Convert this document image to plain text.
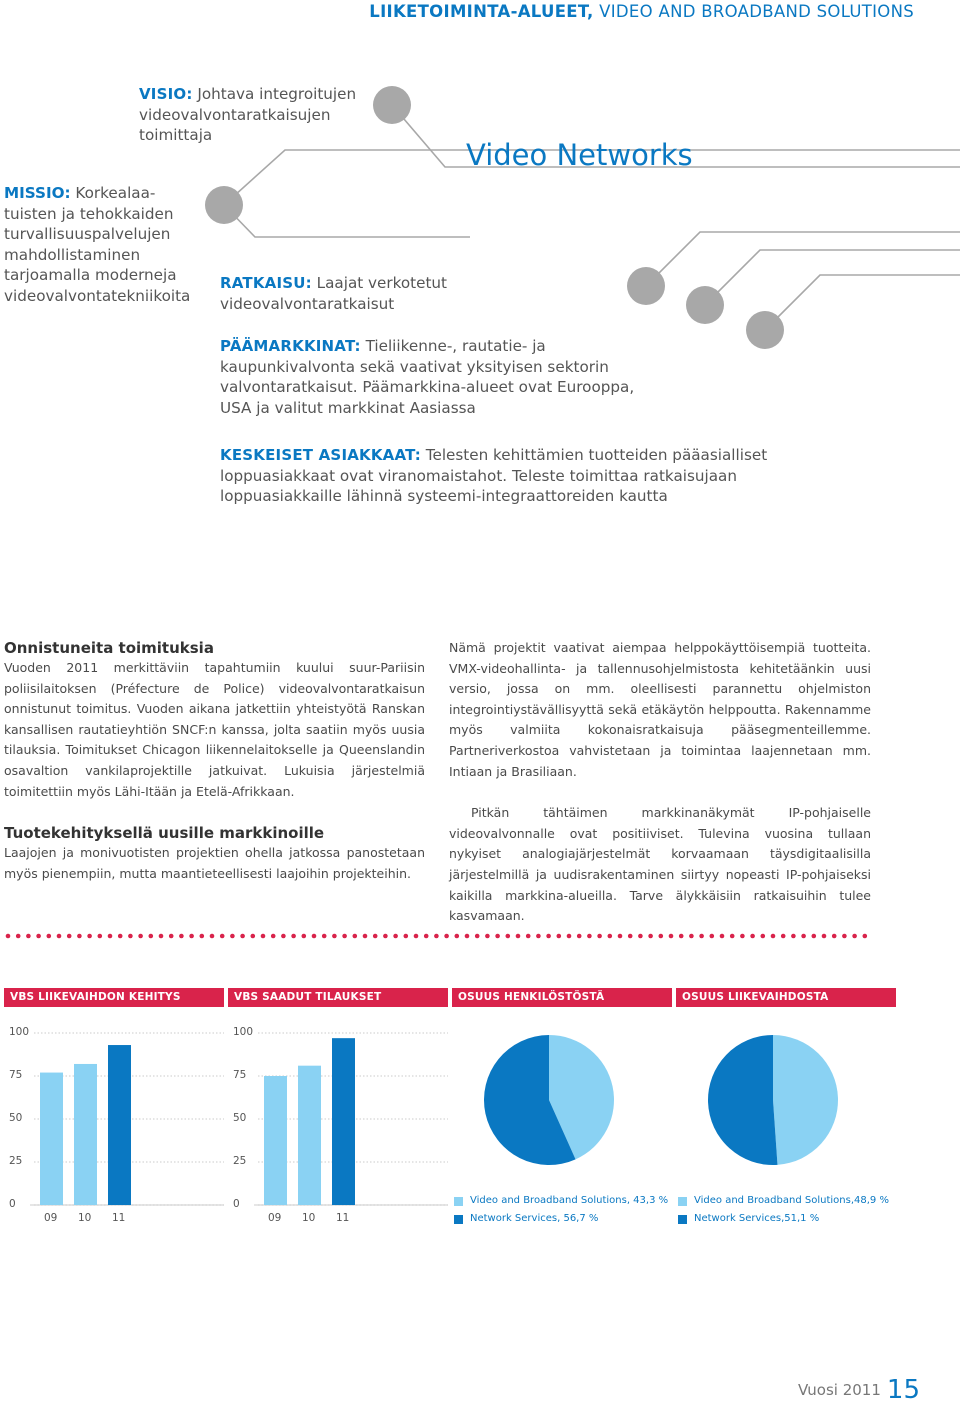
LIIKETOIMINTA-ALUEET, VIDEO AND BROADBAND SOLUTIONS
Video Networks
VISIO: Johtava integroitujen videovalvontaratkaisujen toimittaja
MISSIO: Korkealaa-
tuisten ja tehokkaiden
turvallisuuspalvelujen
mahdollistaminen
tarjoamalla moderneja
videovalvontatekniikoita
RATKAISU: Laajat verkotetut videovalvontaratkaisut
PÄÄMARKKINAT: Tieliikenne-, rautatie- ja kaupunkivalvonta sekä vaativat yksityisen sektorin valvontaratkaisut. Päämarkkina-alueet ovat Eurooppa, USA ja valitut markkinat Aasiassa
KESKEISET ASIAKKAAT: Telesten kehittämien tuotteiden pääasialliset loppuasiakkaat ovat viranomaistahot. Teleste toimittaa ratkaisujaan loppuasiakkaille lähinnä systeemi-integraattoreiden kautta
Onnistuneita toimituksia

Vuoden 2011 merkittäviin tapahtumiin kuului suur-Pariisin poliisilaitoksen (Préfecture de Police) videovalvontaratkaisun onnistunut toimitus. Vuoden aikana jatkettiin yhteistyötä Ranskan kansallisen rautatieyhtiön SNCF:n kanssa, jolta saatiin myös uusia tilauksia. Toimitukset Chicagon liikennelaitokselle ja Queenslandin osavaltion vankilaprojektille jatkuivat. Lukuisia järjestelmiä toimitettiin myös Lähi-Itään ja Etelä-Afrikkaan.

Tuotekehityksellä uusille markkinoille

Laajojen ja monivuotisten projektien ohella jatkossa panostetaan myös pienempiin, mutta maantieteellisesti laajoihin projekteihin.

Nämä projektit vaativat aiempaa helppokäyttöisempiä tuotteita. VMX-videohallinta- ja tallennusohjelmistosta kehitetäänkin uusi versio, jossa on mm. oleellisesti parannettu ohjelmiston integrointiystävällisyyttä sekä etäkäytön helppoutta. Rakennamme myös valmiita kokonaisratkaisuja pääsegmenteillemme. Partneriverkostoa vahvistetaan ja toimintaa laajennetaan mm. Intiaan ja Brasiliaan.

Pitkän tähtäimen markkinanäkymät IP-pohjaiselle videovalvonnalle ovat positiiviset. Tulevina vuosina tullaan nykyiset analogiajärjestelmät korvaamaan täysdigitaalisilla järjestelmillä ja uudisrakentaminen siirtyy nopeasti IP-pohjaiseksi kaikilla markkina-alueilla. Tarve älykkäisiin ratkaisuihin tulee kasvamaan.

VBS LIIKEVAIHDON KEHITYS
100
75
50
25
0
09 10 11
VBS SAADUT TILAUKSET
100
75
50
25
0
09 10 11
OSUUS HENKILÖSTÖSTÄ
Video and Broadband Solutions, 43,3 %
Network Services, 56,7 %
OSUUS LIIKEVAIHDOSTA
Video and Broadband Solutions,48,9 %
Network Services,51,1 %
Vuosi 2011 15
